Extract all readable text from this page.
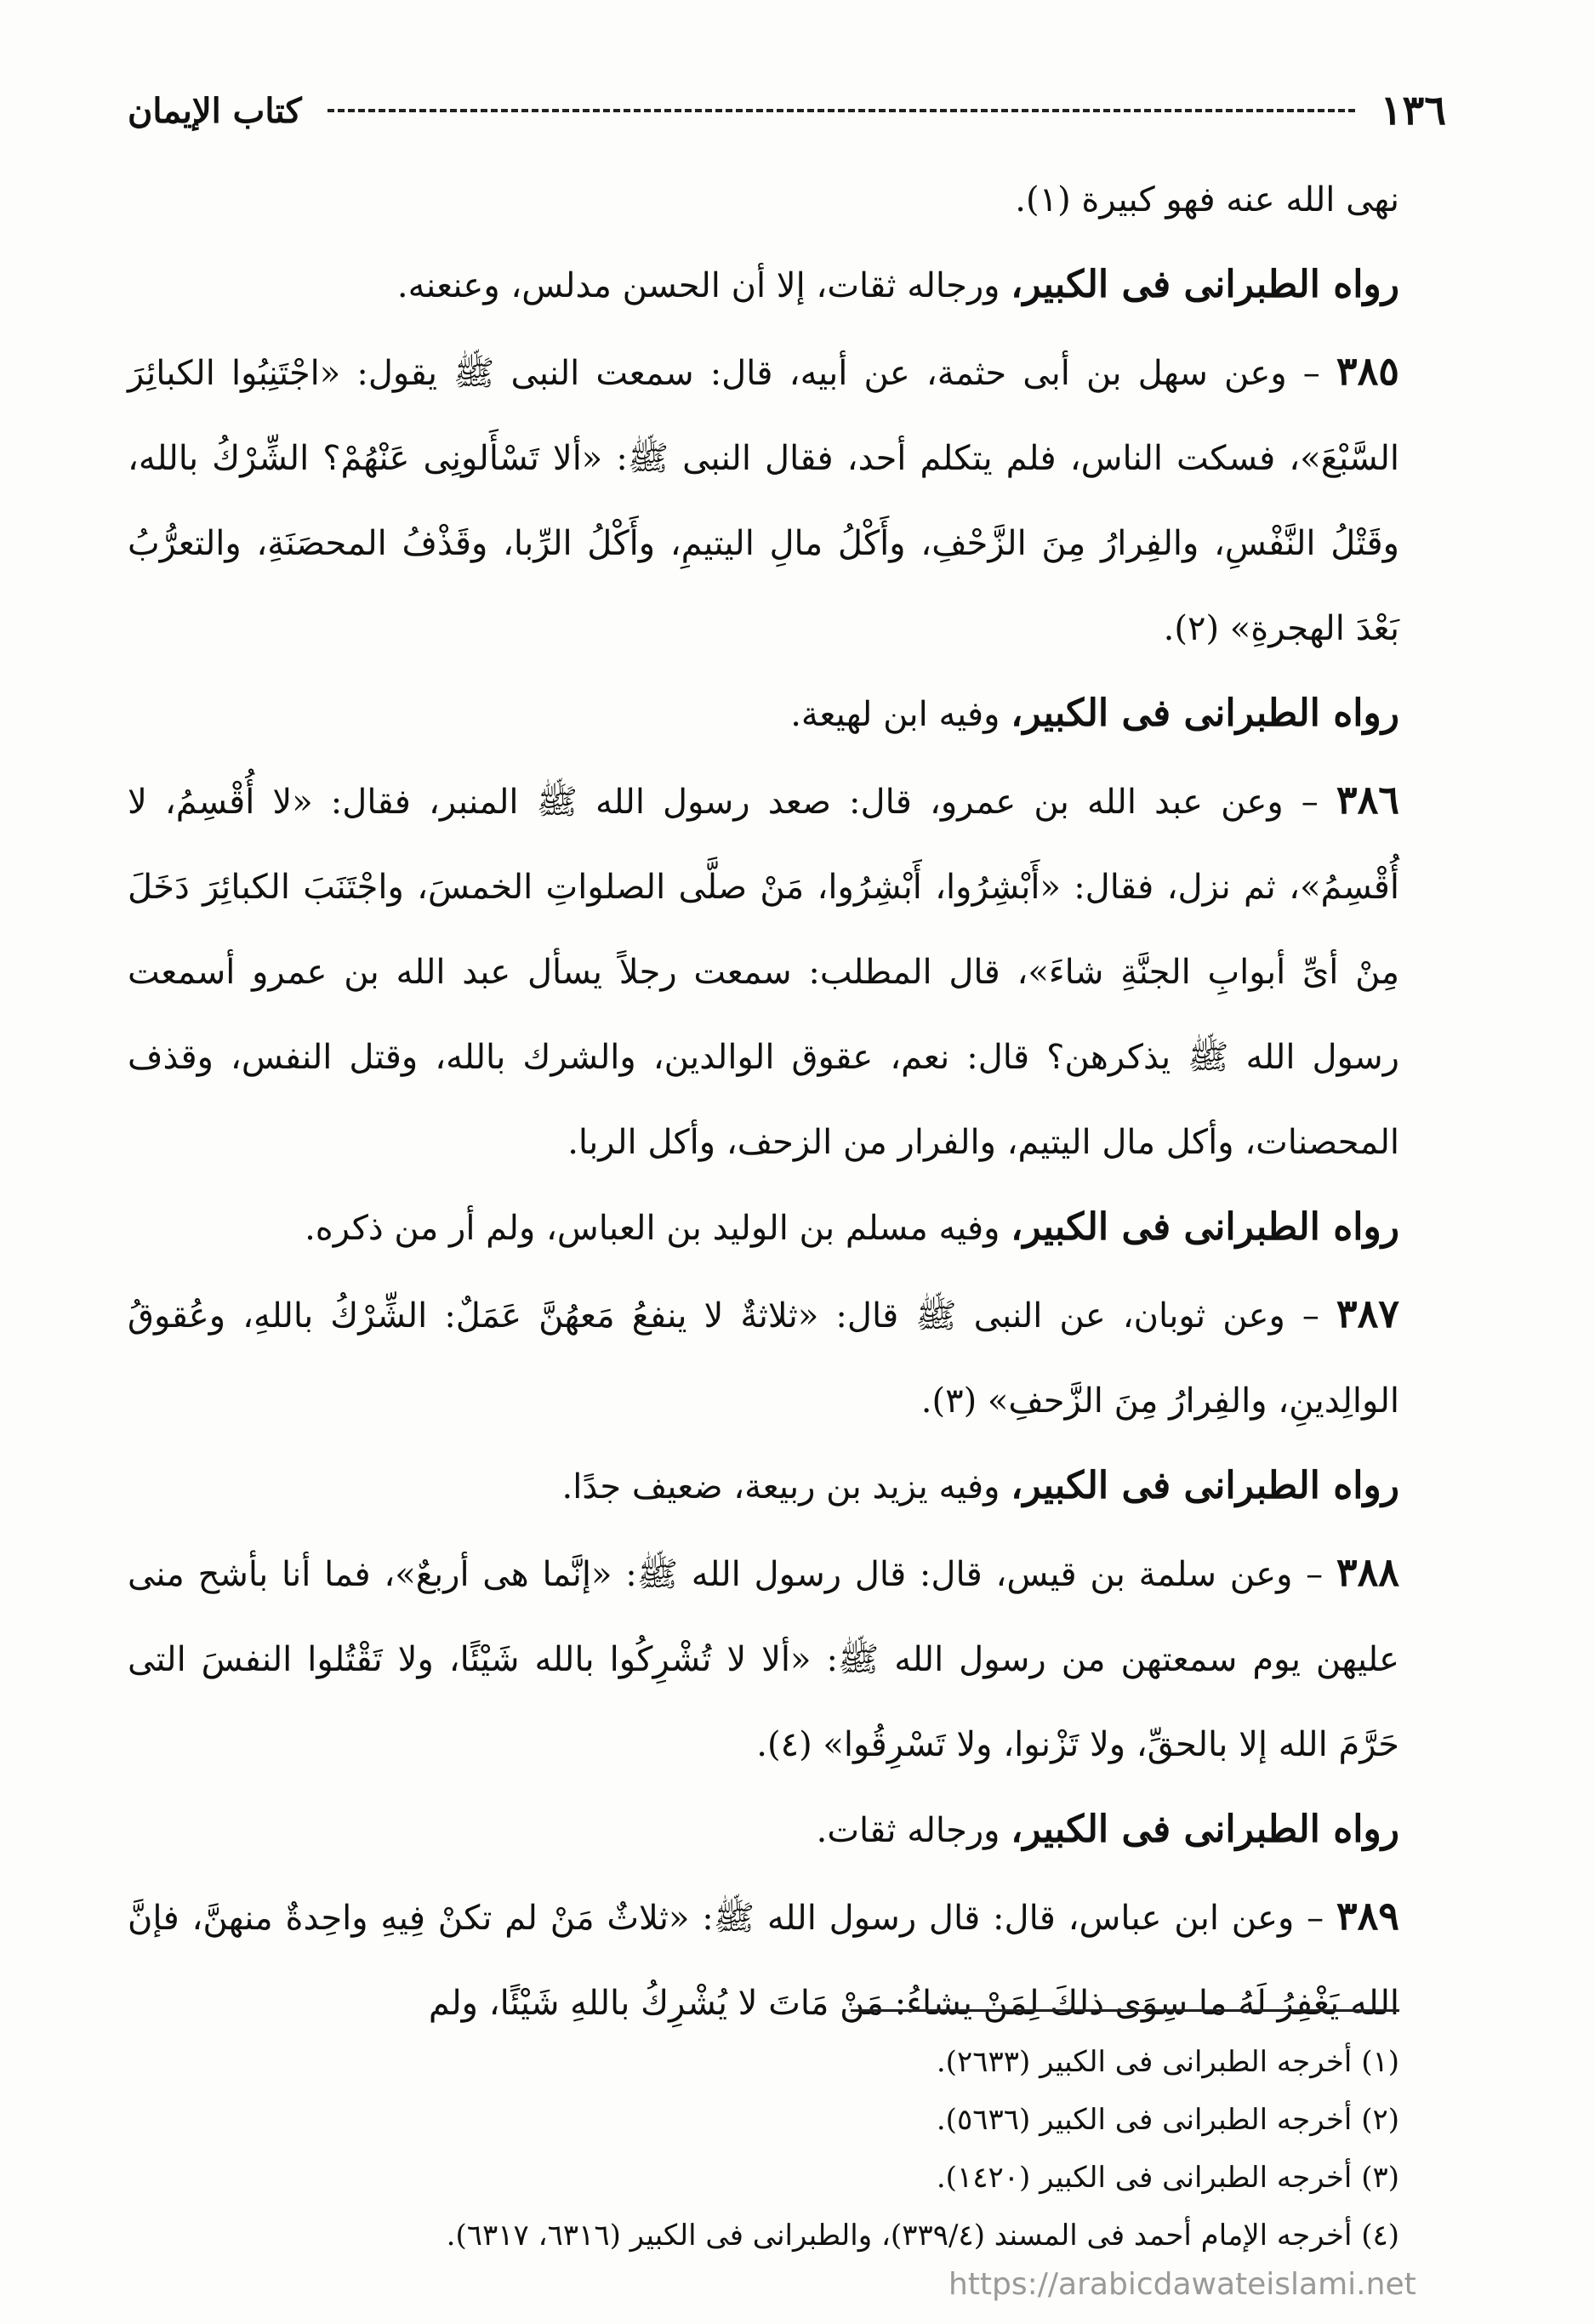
١٣٦
كتاب الإيمان

نهى الله عنه فهو كبيرة (١).

رواه الطبرانى فى الكبير، ورجاله ثقات، إلا أن الحسن مدلس، وعنعنه.

٣٨٥ – وعن سهل بن أبى حثمة، عن أبيه، قال: سمعت النبى ﷺ يقول: «اجْتَنِبُوا الكبائِرَ السَّبْعَ»، فسكت الناس، فلم يتكلم أحد، فقال النبى ﷺ: «ألا تَسْأَلونِى عَنْهُمْ؟ الشِّرْكُ بالله، وقَتْلُ النَّفْسِ، والفِرارُ مِنَ الزَّحْفِ، وأَكْلُ مالِ اليتيمِ، وأَكْلُ الرِّبا، وقَذْفُ المحصَنَةِ، والتعرُّبُ بَعْدَ الهجرةِ» (٢).

رواه الطبرانى فى الكبير، وفيه ابن لهيعة.

٣٨٦ – وعن عبد الله بن عمرو، قال: صعد رسول الله ﷺ المنبر، فقال: «لا أُقْسِمُ، لا أُقْسِمُ»، ثم نزل، فقال: «أَبْشِرُوا، أَبْشِرُوا، مَنْ صلَّى الصلواتِ الخمسَ، واجْتَنَبَ الكبائِرَ دَخَلَ مِنْ أىِّ أبوابِ الجنَّةِ شاءَ»، قال المطلب: سمعت رجلاً يسأل عبد الله بن عمرو أسمعت رسول الله ﷺ يذكرهن؟ قال: نعم، عقوق الوالدين، والشرك بالله، وقتل النفس، وقذف المحصنات، وأكل مال اليتيم، والفرار من الزحف، وأكل الربا.

رواه الطبرانى فى الكبير، وفيه مسلم بن الوليد بن العباس، ولم أر من ذكره.

٣٨٧ – وعن ثوبان، عن النبى ﷺ قال: «ثلاثةٌ لا ينفعُ مَعهُنَّ عَمَلٌ: الشِّرْكُ باللهِ، وعُقوقُ الوالِدينِ، والفِرارُ مِنَ الزَّحفِ» (٣).

رواه الطبرانى فى الكبير، وفيه يزيد بن ربيعة، ضعيف جدًا.

٣٨٨ – وعن سلمة بن قيس، قال: قال رسول الله ﷺ: «إنَّما هى أربعٌ»، فما أنا بأشح منى عليهن يوم سمعتهن من رسول الله ﷺ: «ألا لا تُشْرِكُوا بالله شَيْئًا، ولا تَقْتُلوا النفسَ التى حَرَّمَ الله إلا بالحقِّ، ولا تَزْنوا، ولا تَسْرِقُوا» (٤).

رواه الطبرانى فى الكبير، ورجاله ثقات.

٣٨٩ – وعن ابن عباس، قال: قال رسول الله ﷺ: «ثلاثٌ مَنْ لم تكنْ فِيهِ واحِدةٌ منهنَّ، فإنَّ الله يَغْفِرُ لَهُ ما سِوَى ذلكَ لِمَنْ يشاءُ: مَنْ مَاتَ لا يُشْرِكُ باللهِ شَيْئًا، ولم

(١) أخرجه الطبرانى فى الكبير (٢٦٣٣).
(٢) أخرجه الطبرانى فى الكبير (٥٦٣٦).
(٣) أخرجه الطبرانى فى الكبير (١٤٢٠).
(٤) أخرجه الإمام أحمد فى المسند (٣٣٩/٤)، والطبرانى فى الكبير (٦٣١٦، ٦٣١٧).
https://arabicdawateislami.net
